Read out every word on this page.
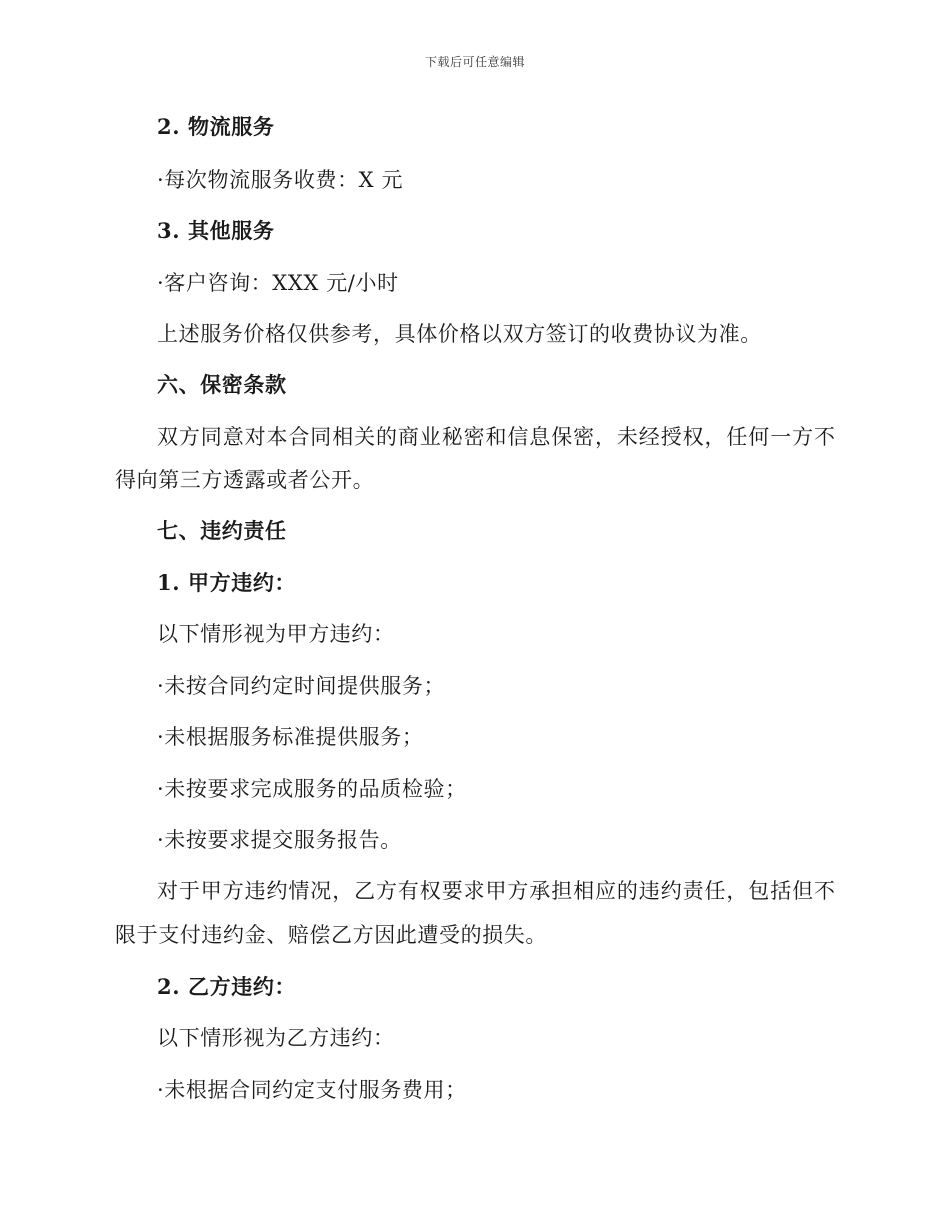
下载后可任意编辑
2. 物流服务
·每次物流服务收费：X 元
3. 其他服务
·客户咨询：XXX 元/小时
上述服务价格仅供参考，具体价格以双方签订的收费协议为准。
六、保密条款
双方同意对本合同相关的商业秘密和信息保密，未经授权，任何一方不
得向第三方透露或者公开。
七、违约责任
1. 甲方违约：
以下情形视为甲方违约：
·未按合同约定时间提供服务；
·未根据服务标准提供服务；
·未按要求完成服务的品质检验；
·未按要求提交服务报告。
对于甲方违约情况，乙方有权要求甲方承担相应的违约责任，包括但不
限于支付违约金、赔偿乙方因此遭受的损失。
2. 乙方违约：
以下情形视为乙方违约：
·未根据合同约定支付服务费用；
